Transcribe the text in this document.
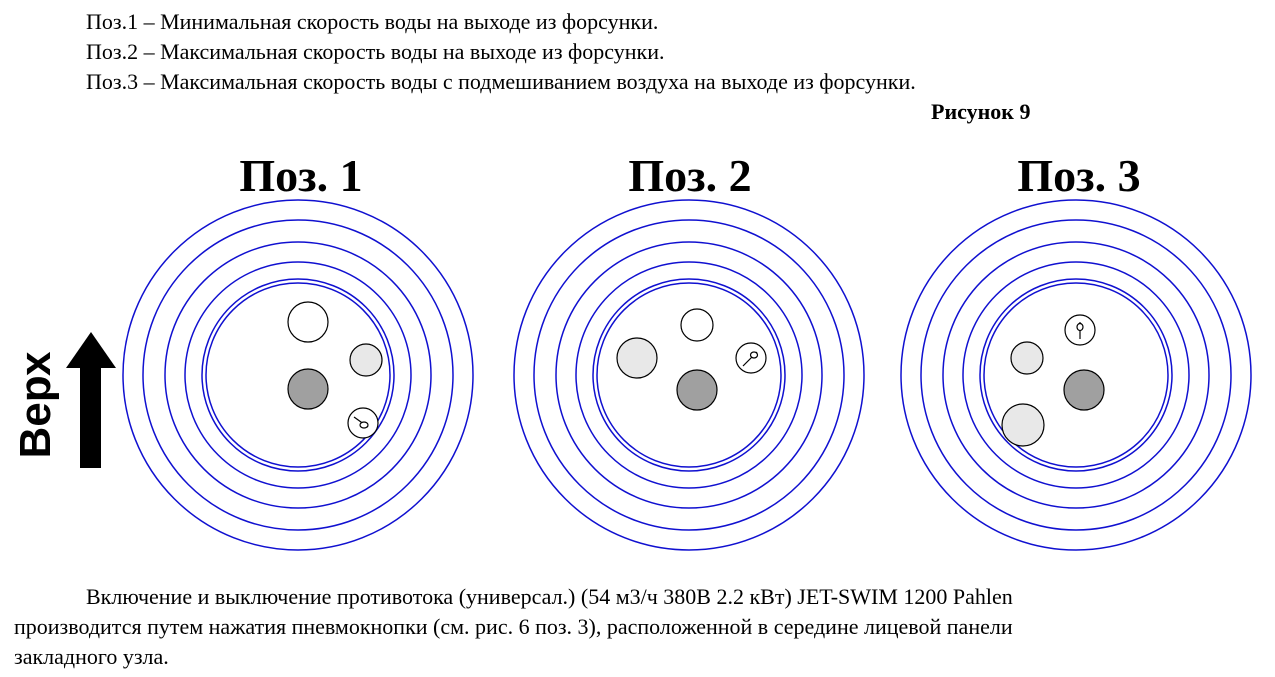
Поз.1 – Минимальная скорость воды на выходе из форсунки.
Поз.2 – Максимальная скорость воды на выходе из форсунки.
Поз.3 – Максимальная скорость воды с подмешиванием воздуха на выходе из форсунки.
Рисунок 9
Верх
Поз. 1	Поз. 2	Поз. 3
Включение и выключение противотока (универсал.) (54 м3/ч 380В 2.2 кВт) JET-SWIM 1200 Pahlen
производится путем нажатия пневмокнопки (см. рис. 6 поз. 3), расположенной в середине лицевой панели
закладного узла.
